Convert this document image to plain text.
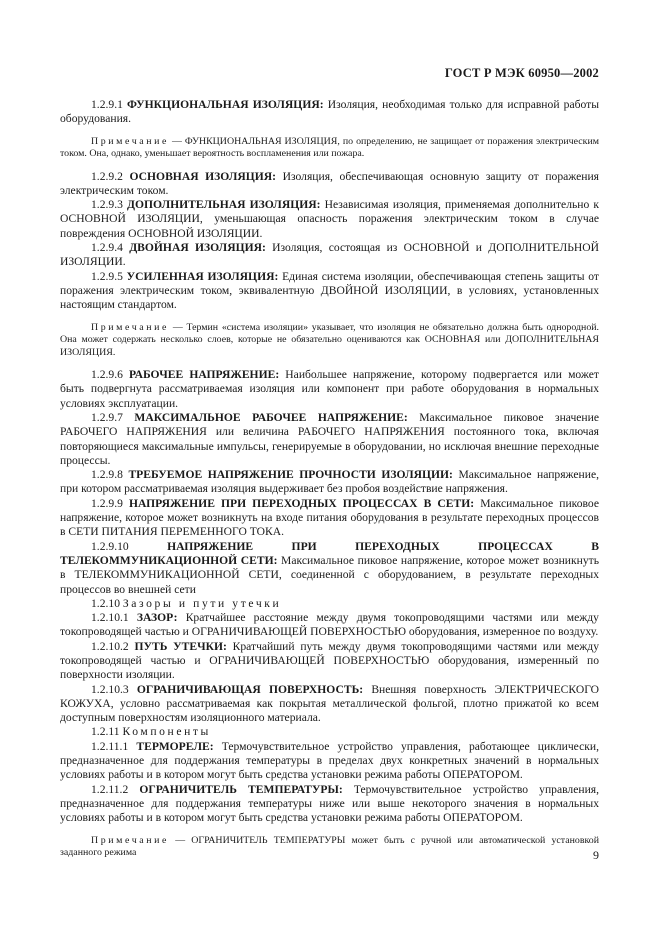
ГОСТ Р МЭК 60950—2002

1.2.9.1 ФУНКЦИОНАЛЬНАЯ ИЗОЛЯЦИЯ: Изоляция, необходимая только для исправной работы оборудования.

Примечание — ФУНКЦИОНАЛЬНАЯ ИЗОЛЯЦИЯ, по определению, не защищает от поражения электрическим током. Она, однако, уменьшает вероятность воспламенения или пожара.

1.2.9.2 ОСНОВНАЯ ИЗОЛЯЦИЯ: Изоляция, обеспечивающая основную защиту от поражения электрическим током.

1.2.9.3 ДОПОЛНИТЕЛЬНАЯ ИЗОЛЯЦИЯ: Независимая изоляция, применяемая дополнительно к ОСНОВНОЙ ИЗОЛЯЦИИ, уменьшающая опасность поражения электрическим током в случае повреждения ОСНОВНОЙ ИЗОЛЯЦИИ.

1.2.9.4 ДВОЙНАЯ ИЗОЛЯЦИЯ: Изоляция, состоящая из ОСНОВНОЙ и ДОПОЛНИТЕЛЬНОЙ ИЗОЛЯЦИИ.

1.2.9.5 УСИЛЕННАЯ ИЗОЛЯЦИЯ: Единая система изоляции, обеспечивающая степень защиты от поражения электрическим током, эквивалентную ДВОЙНОЙ ИЗОЛЯЦИИ, в условиях, установленных настоящим стандартом.

Примечание — Термин «система изоляции» указывает, что изоляция не обязательно должна быть однородной. Она может содержать несколько слоев, которые не обязательно оцениваются как ОСНОВНАЯ или ДОПОЛНИТЕЛЬНАЯ ИЗОЛЯЦИЯ.

1.2.9.6 РАБОЧЕЕ НАПРЯЖЕНИЕ: Наибольшее напряжение, которому подвергается или может быть подвергнута рассматриваемая изоляция или компонент при работе оборудования в нормальных условиях эксплуатации.

1.2.9.7 МАКСИМАЛЬНОЕ РАБОЧЕЕ НАПРЯЖЕНИЕ: Максимальное пиковое значение РАБОЧЕГО НАПРЯЖЕНИЯ или величина РАБОЧЕГО НАПРЯЖЕНИЯ постоянного тока, включая повторяющиеся максимальные импульсы, генерируемые в оборудовании, но исключая внешние переходные процессы.

1.2.9.8 ТРЕБУЕМОЕ НАПРЯЖЕНИЕ ПРОЧНОСТИ ИЗОЛЯЦИИ: Максимальное напряжение, при котором рассматриваемая изоляция выдерживает без пробоя воздействие напряжения.

1.2.9.9 НАПРЯЖЕНИЕ ПРИ ПЕРЕХОДНЫХ ПРОЦЕССАХ В СЕТИ: Максимальное пиковое напряжение, которое может возникнуть на входе питания оборудования в результате переходных процессов в СЕТИ ПИТАНИЯ ПЕРЕМЕННОГО ТОКА.

1.2.9.10	НАПРЯЖЕНИЕ ПРИ ПЕРЕХОДНЫХ ПРОЦЕССАХ В ТЕЛЕКОММУНИКАЦИОННОЙ СЕТИ: Максимальное пиковое напряжение, которое может возникнуть в ТЕЛЕКОММУНИКАЦИОННОЙ СЕТИ, соединенной с оборудованием, в результате переходных процессов во внешней сети

1.2.10 Зазоры и пути утечки

1.2.10.1 ЗАЗОР: Кратчайшее расстояние между двумя токопроводящими частями или между токопроводящей частью и ОГРАНИЧИВАЮЩЕЙ ПОВЕРХНОСТЬЮ оборудования, измеренное по воздуху.

1.2.10.2 ПУТЬ УТЕЧКИ: Кратчайший путь между двумя токопроводящими частями или между токопроводящей частью и ОГРАНИЧИВАЮЩЕЙ ПОВЕРХНОСТЬЮ оборудования, измеренный по поверхности изоляции.

1.2.10.3 ОГРАНИЧИВАЮЩАЯ ПОВЕРХНОСТЬ: Внешняя поверхность ЭЛЕКТРИЧЕСКОГО КОЖУХА, условно рассматриваемая как покрытая металлической фольгой, плотно прижатой ко всем доступным поверхностям изоляционного материала.

1.2.11 Компоненты

1.2.11.1 ТЕРМОРЕЛЕ: Термочувствительное устройство управления, работающее циклически, предназначенное для поддержания температуры в пределах двух конкретных значений в нормальных условиях работы и в котором могут быть средства установки режима работы ОПЕРАТОРОМ.

1.2.11.2 ОГРАНИЧИТЕЛЬ ТЕМПЕРАТУРЫ: Термочувствительное устройство управления, предназначенное для поддержания температуры ниже или выше некоторого значения в нормальных условиях работы и в котором могут быть средства установки режима работы ОПЕРАТОРОМ.

Примечание — ОГРАНИЧИТЕЛЬ ТЕМПЕРАТУРЫ может быть с ручной или автоматической установкой заданного режима	9
